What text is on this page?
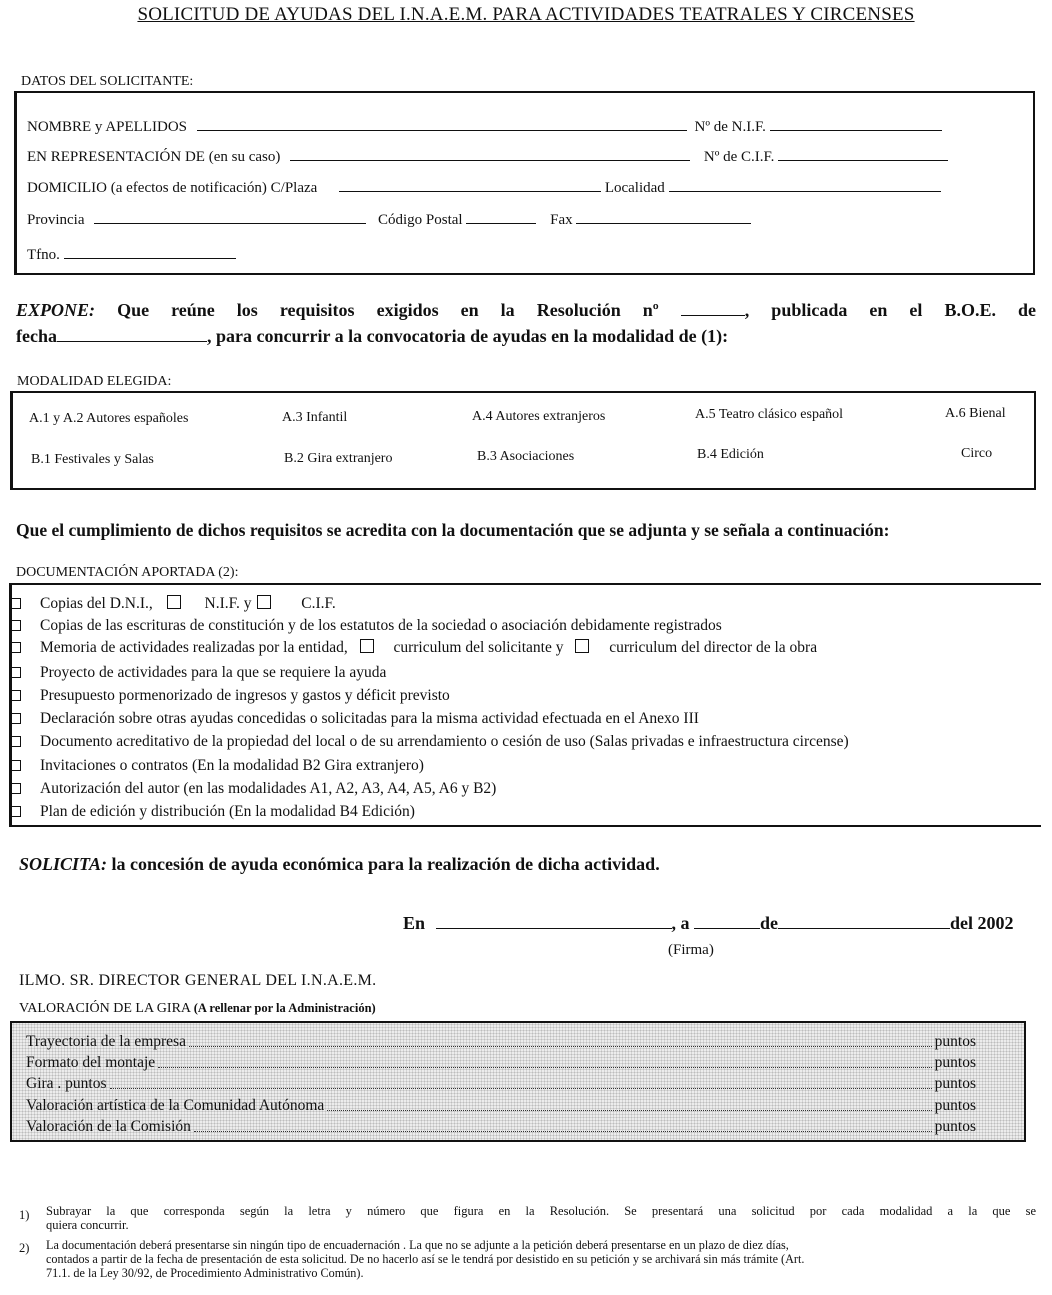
SOLICITUD DE AYUDAS DEL I.N.A.E.M. PARA ACTIVIDADES TEATRALES Y CIRCENSES
DATOS DEL SOLICITANTE:
NOMBRE y APELLIDOS	Nº de N.I.F.
EN REPRESENTACIÓN DE (en su caso)	Nº de C.I.F.
DOMICILIO (a efectos de notificación) C/Plaza	Localidad
Provincia	Código Postal	Fax
Tfno.
EXPONE: Que reúne los requisitos exigidos en la Resolución nº	, publicada en el B.O.E. de
fecha	, para concurrir a la convocatoria de ayudas en la modalidad de (1):
MODALIDAD ELEGIDA:
A.1 y A.2 Autores españoles	A.3 Infantil	A.4 Autores extranjeros	A.5 Teatro clásico español	A.6 Bienal
B.1 Festivales y Salas	B.2 Gira extranjero	B.3 Asociaciones	B.4 Edición	Circo
Que el cumplimiento de dichos requisitos se acredita con la documentación que se adjunta y se señala a continuación:
DOCUMENTACIÓN APORTADA (2):
Copias del D.N.I.,	N.I.F. y	C.I.F.
Copias de las escrituras de constitución y de los estatutos de la sociedad o asociación debidamente registrados
Memoria de actividades realizadas por la entidad,	curriculum del solicitante y	curriculum del director de la obra
Proyecto de actividades para la que se requiere la ayuda
Presupuesto pormenorizado de ingresos y gastos y déficit previsto
Declaración sobre otras ayudas concedidas o solicitadas para la misma actividad efectuada en el Anexo III
Documento acreditativo de la propiedad del local o de su arrendamiento o cesión de uso (Salas privadas e infraestructura circense)
Invitaciones o contratos (En la modalidad B2 Gira extranjero)
Autorización del autor (en las modalidades A1, A2, A3, A4, A5, A6 y B2)
Plan de edición y distribución (En la modalidad B4 Edición)
SOLICITA: la concesión de ayuda económica para la realización de dicha actividad.
En	, a	de	del 2002
(Firma)
ILMO. SR. DIRECTOR GENERAL DEL I.N.A.E.M.
VALORACIÓN DE LA GIRA (A rellenar por la Administración)
Trayectoria de la empresa	puntos
Formato del montaje	puntos
Gira . puntos	puntos
Valoración artística de la Comunidad Autónoma	puntos
Valoración de la Comisión	puntos
1) Subrayar la que corresponda según la letra y número que figura en la Resolución. Se presentará una solicitud por cada modalidad a la que se
quiera concurrir.
2) La documentación deberá presentarse sin ningún tipo de encuadernación . La que no se adjunte a la petición deberá presentarse en un plazo de diez días,
contados a partir de la fecha de presentación de esta solicitud. De no hacerlo así se le tendrá por desistido en su petición y se archivará sin más trámite (Art.
71.1. de la Ley 30/92, de Procedimiento Administrativo Común).
